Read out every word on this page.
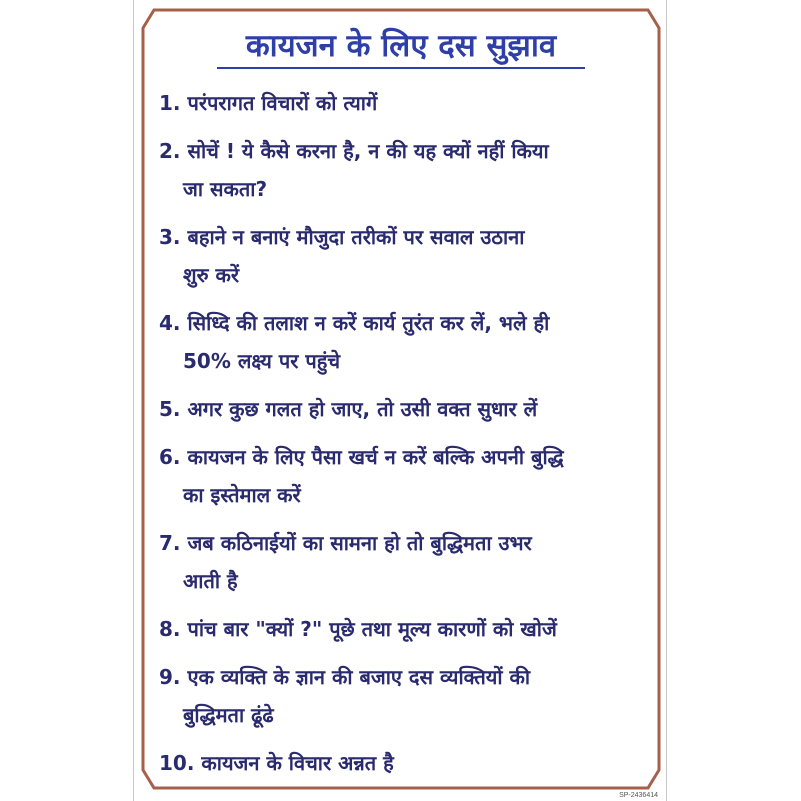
कायजन के लिए दस सुझाव
1. परंपरागत विचारों को त्यागें
2. सोचें ! ये कैसे करना है, न की यह क्यों नहीं किया
जा सकता?
3. बहाने न बनाएं मौजुदा तरीकों पर सवाल उठाना
शुरु करें
4. सिध्दि की तलाश न करें कार्य तुरंत कर लें, भले ही
50% लक्ष्य पर पहुंचे
5. अगर कुछ गलत हो जाए, तो उसी वक्त सुधार लें
6. कायजन के लिए पैसा खर्च न करें बल्कि अपनी बुद्धि
का इस्तेमाल करें
7. जब कठिनाईयों का सामना हो तो बुद्धिमता उभर
आती है
8. पांच बार "क्यों ?" पूछे तथा मूल्य कारणों को खोजें
9. एक व्यक्ति के ज्ञान की बजाए दस व्यक्तियों की
बुद्धिमता ढूंढे
10. कायजन के विचार अन्नत है
SP-2436414
